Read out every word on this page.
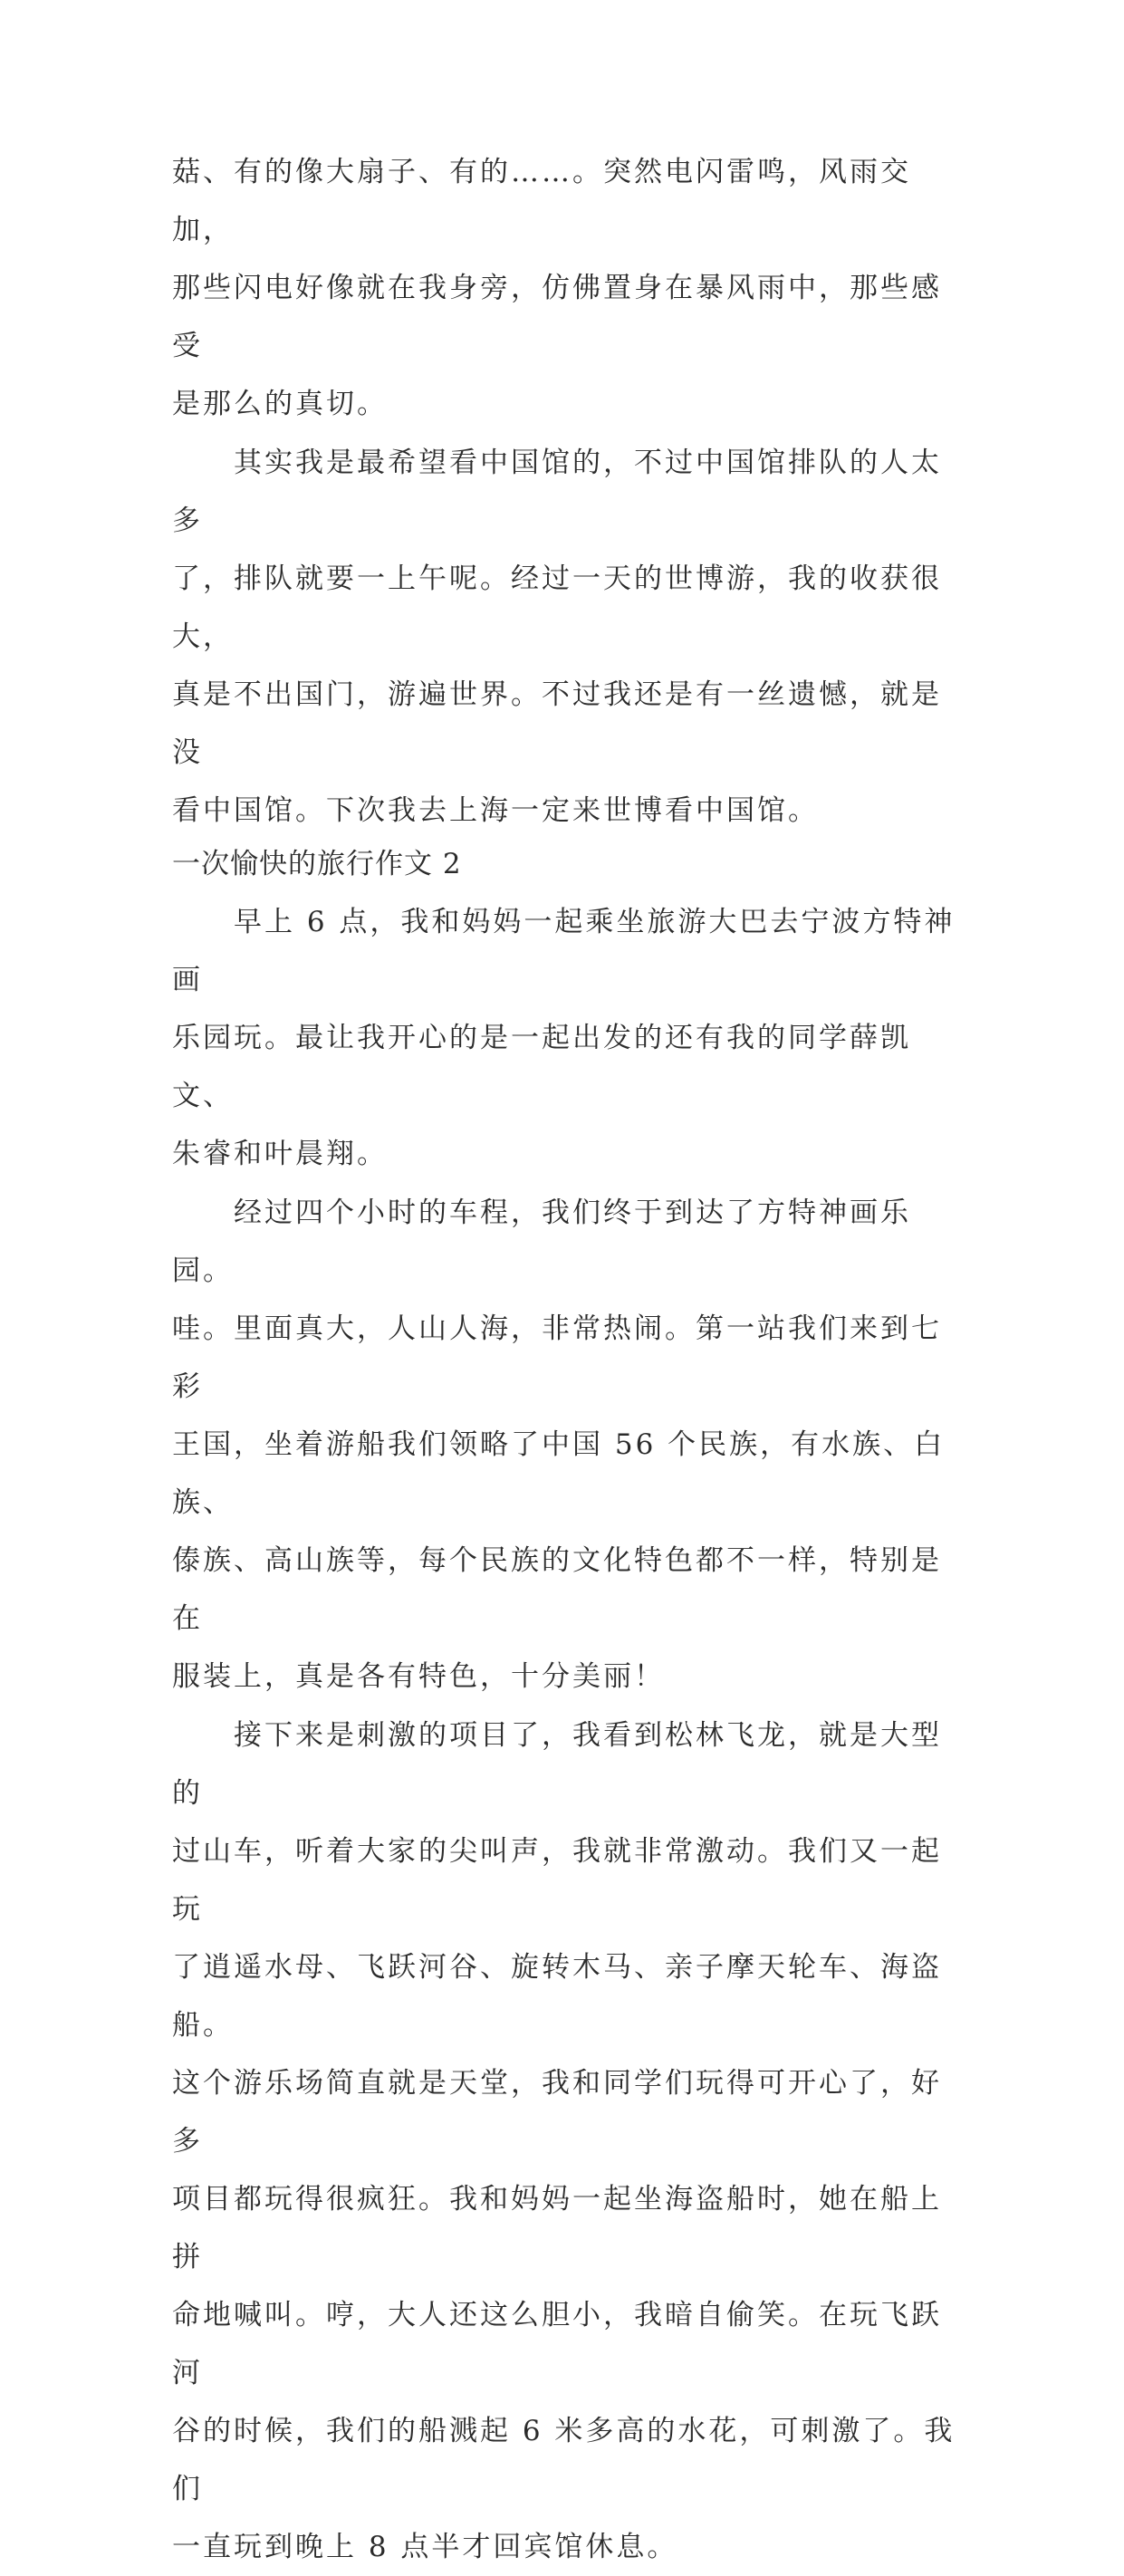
菇、有的像大扇子、有的……。突然电闪雷鸣，风雨交加，
那些闪电好像就在我身旁，仿佛置身在暴风雨中，那些感受
是那么的真切。

其实我是最希望看中国馆的，不过中国馆排队的人太多
了，排队就要一上午呢。经过一天的世博游，我的收获很大，
真是不出国门，游遍世界。不过我还是有一丝遗憾，就是没
看中国馆。下次我去上海一定来世博看中国馆。

一次愉快的旅行作文 2

早上 6 点，我和妈妈一起乘坐旅游大巴去宁波方特神画
乐园玩。最让我开心的是一起出发的还有我的同学薛凯文、
朱睿和叶晨翔。

经过四个小时的车程，我们终于到达了方特神画乐园。
哇。里面真大，人山人海，非常热闹。第一站我们来到七彩
王国，坐着游船我们领略了中国 56 个民族，有水族、白族、
傣族、高山族等，每个民族的文化特色都不一样，特别是在
服装上，真是各有特色，十分美丽！

接下来是刺激的项目了，我看到松林飞龙，就是大型的
过山车，听着大家的尖叫声，我就非常激动。我们又一起玩
了逍遥水母、飞跃河谷、旋转木马、亲子摩天轮车、海盗船。
这个游乐场简直就是天堂，我和同学们玩得可开心了，好多
项目都玩得很疯狂。我和妈妈一起坐海盗船时，她在船上拼
命地喊叫。哼，大人还这么胆小，我暗自偷笑。在玩飞跃河
谷的时候，我们的船溅起 6 米多高的水花，可刺激了。我们
一直玩到晚上 8 点半才回宾馆休息。
